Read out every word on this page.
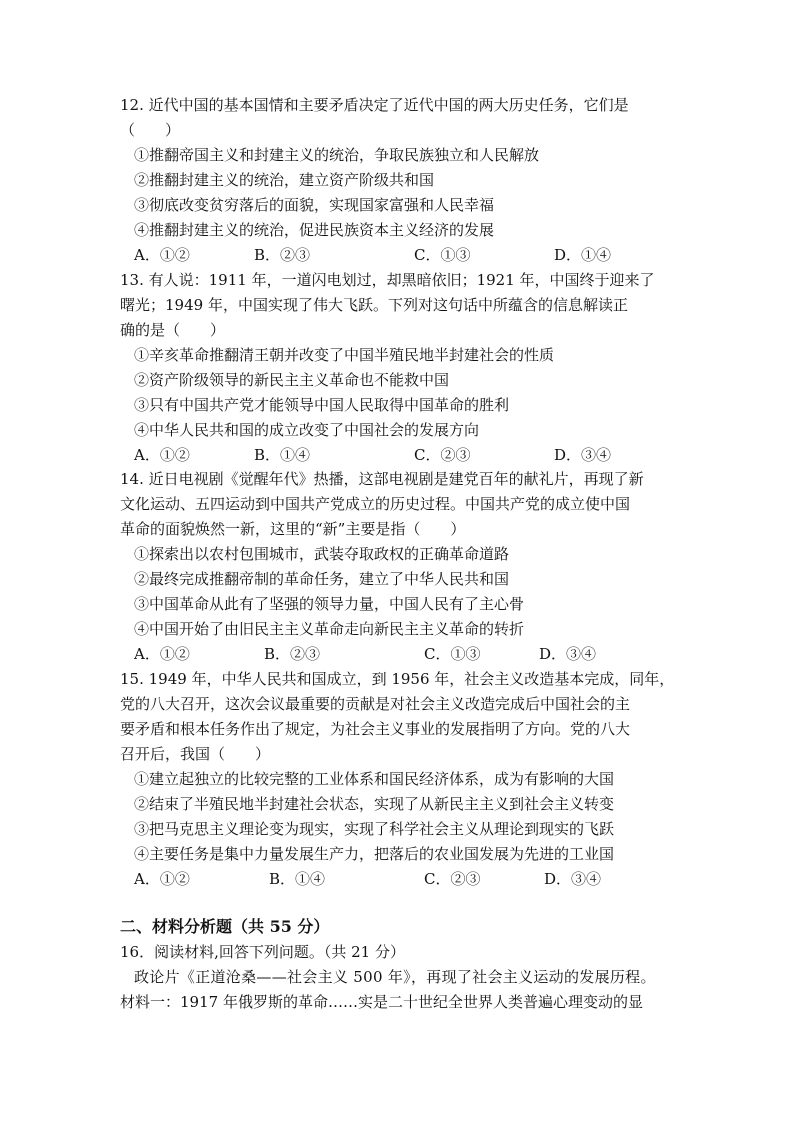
12. 近代中国的基本国情和主要矛盾决定了近代中国的两大历史任务，它们是
（　　）
①推翻帝国主义和封建主义的统治，争取民族独立和人民解放
②推翻封建主义的统治，建立资产阶级共和国
③彻底改变贫穷落后的面貌，实现国家富强和人民幸福
④推翻封建主义的统治，促进民族资本主义经济的发展
A．①②	B．②③	C．①③	D．①④
13. 有人说：1911 年，一道闪电划过，却黑暗依旧；1921 年，中国终于迎来了
曙光；1949 年，中国实现了伟大飞跃。下列对这句话中所蕴含的信息解读正
确的是（　　）
①辛亥革命推翻清王朝并改变了中国半殖民地半封建社会的性质
②资产阶级领导的新民主主义革命也不能救中国
③只有中国共产党才能领导中国人民取得中国革命的胜利
④中华人民共和国的成立改变了中国社会的发展方向
A．①②	B．①④	C．②③	D．③④
14. 近日电视剧《觉醒年代》热播，这部电视剧是建党百年的献礼片，再现了新
文化运动、五四运动到中国共产党成立的历史过程。中国共产党的成立使中国
革命的面貌焕然一新，这里的“新”主要是指（　　）
①探索出以农村包围城市，武装夺取政权的正确革命道路
②最终完成推翻帝制的革命任务，建立了中华人民共和国
③中国革命从此有了坚强的领导力量，中国人民有了主心骨
④中国开始了由旧民主主义革命走向新民主主义革命的转折
A．①②	B．②③	C．①③	D．③④
15. 1949 年，中华人民共和国成立，到 1956 年，社会主义改造基本完成，同年，
党的八大召开，这次会议最重要的贡献是对社会主义改造完成后中国社会的主
要矛盾和根本任务作出了规定，为社会主义事业的发展指明了方向。党的八大
召开后，我国（　　）
①建立起独立的比较完整的工业体系和国民经济体系，成为有影响的大国
②结束了半殖民地半封建社会状态，实现了从新民主主义到社会主义转变
③把马克思主义理论变为现实，实现了科学社会主义从理论到现实的飞跃
④主要任务是集中力量发展生产力，把落后的农业国发展为先进的工业国
A．①②	B．①④	C．②③	D．③④
二、材料分析题（共 55 分）
16．阅读材料,回答下列问题。（共 21 分）
政论片《正道沧桑——社会主义 500 年》，再现了社会主义运动的发展历程。
材料一：1917 年俄罗斯的革命……实是二十世纪全世界人类普遍心理变动的显
